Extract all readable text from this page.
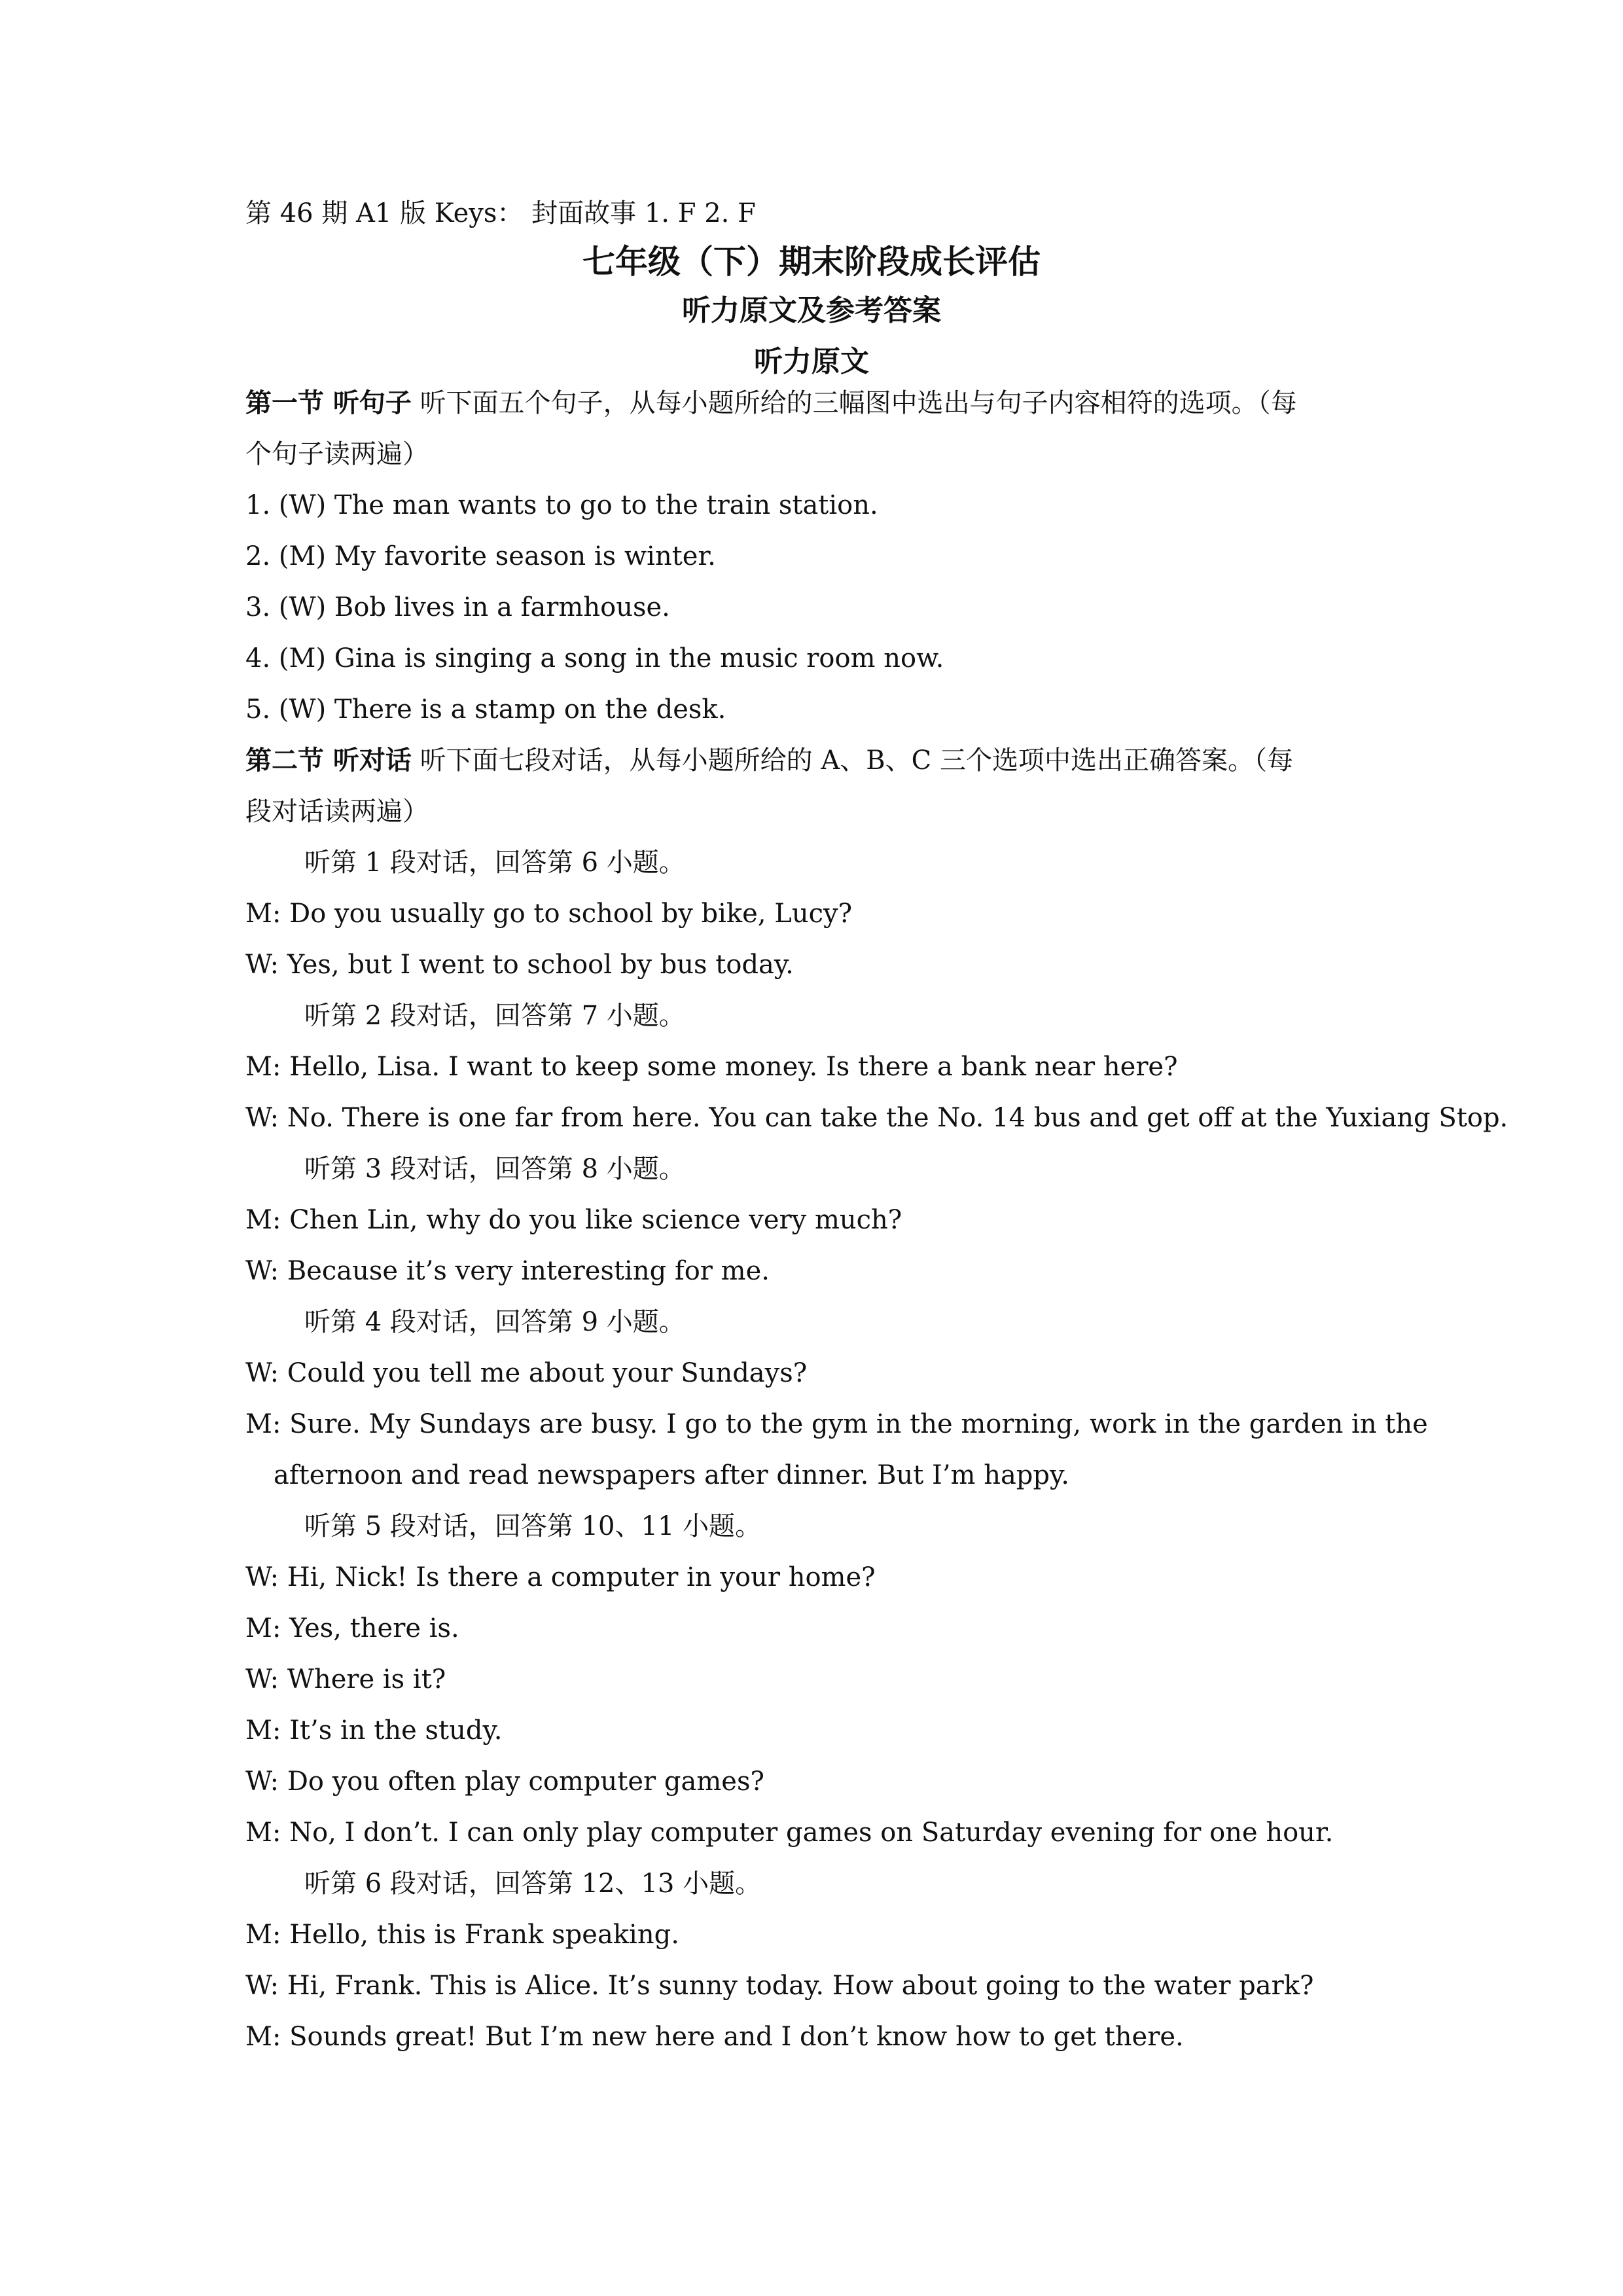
第 46 期 A1 版 Keys： 封面故事 1. F 2. F
七年级（下）期末阶段成长评估
听力原文及参考答案
听力原文
第一节 听句子 听下面五个句子，从每小题所给的三幅图中选出与句子内容相符的选项。（每
个句子读两遍）
1. (W) The man wants to go to the train station.
2. (M) My favorite season is winter.
3. (W) Bob lives in a farmhouse.
4. (M) Gina is singing a song in the music room now.
5. (W) There is a stamp on the desk.
第二节 听对话 听下面七段对话，从每小题所给的 A、B、C 三个选项中选出正确答案。（每
段对话读两遍）
听第 1 段对话，回答第 6 小题。
M: Do you usually go to school by bike, Lucy?
W: Yes, but I went to school by bus today.
听第 2 段对话，回答第 7 小题。
M: Hello, Lisa. I want to keep some money. Is there a bank near here?
W: No. There is one far from here. You can take the No. 14 bus and get off at the Yuxiang Stop.
听第 3 段对话，回答第 8 小题。
M: Chen Lin, why do you like science very much?
W: Because it’s very interesting for me.
听第 4 段对话，回答第 9 小题。
W: Could you tell me about your Sundays?
M: Sure. My Sundays are busy. I go to the gym in the morning, work in the garden in the
afternoon and read newspapers after dinner. But I’m happy.
听第 5 段对话，回答第 10、11 小题。
W: Hi, Nick! Is there a computer in your home?
M: Yes, there is.
W: Where is it?
M: It’s in the study.
W: Do you often play computer games?
M: No, I don’t. I can only play computer games on Saturday evening for one hour.
听第 6 段对话，回答第 12、13 小题。
M: Hello, this is Frank speaking.
W: Hi, Frank. This is Alice. It’s sunny today. How about going to the water park?
M: Sounds great! But I’m new here and I don’t know how to get there.
